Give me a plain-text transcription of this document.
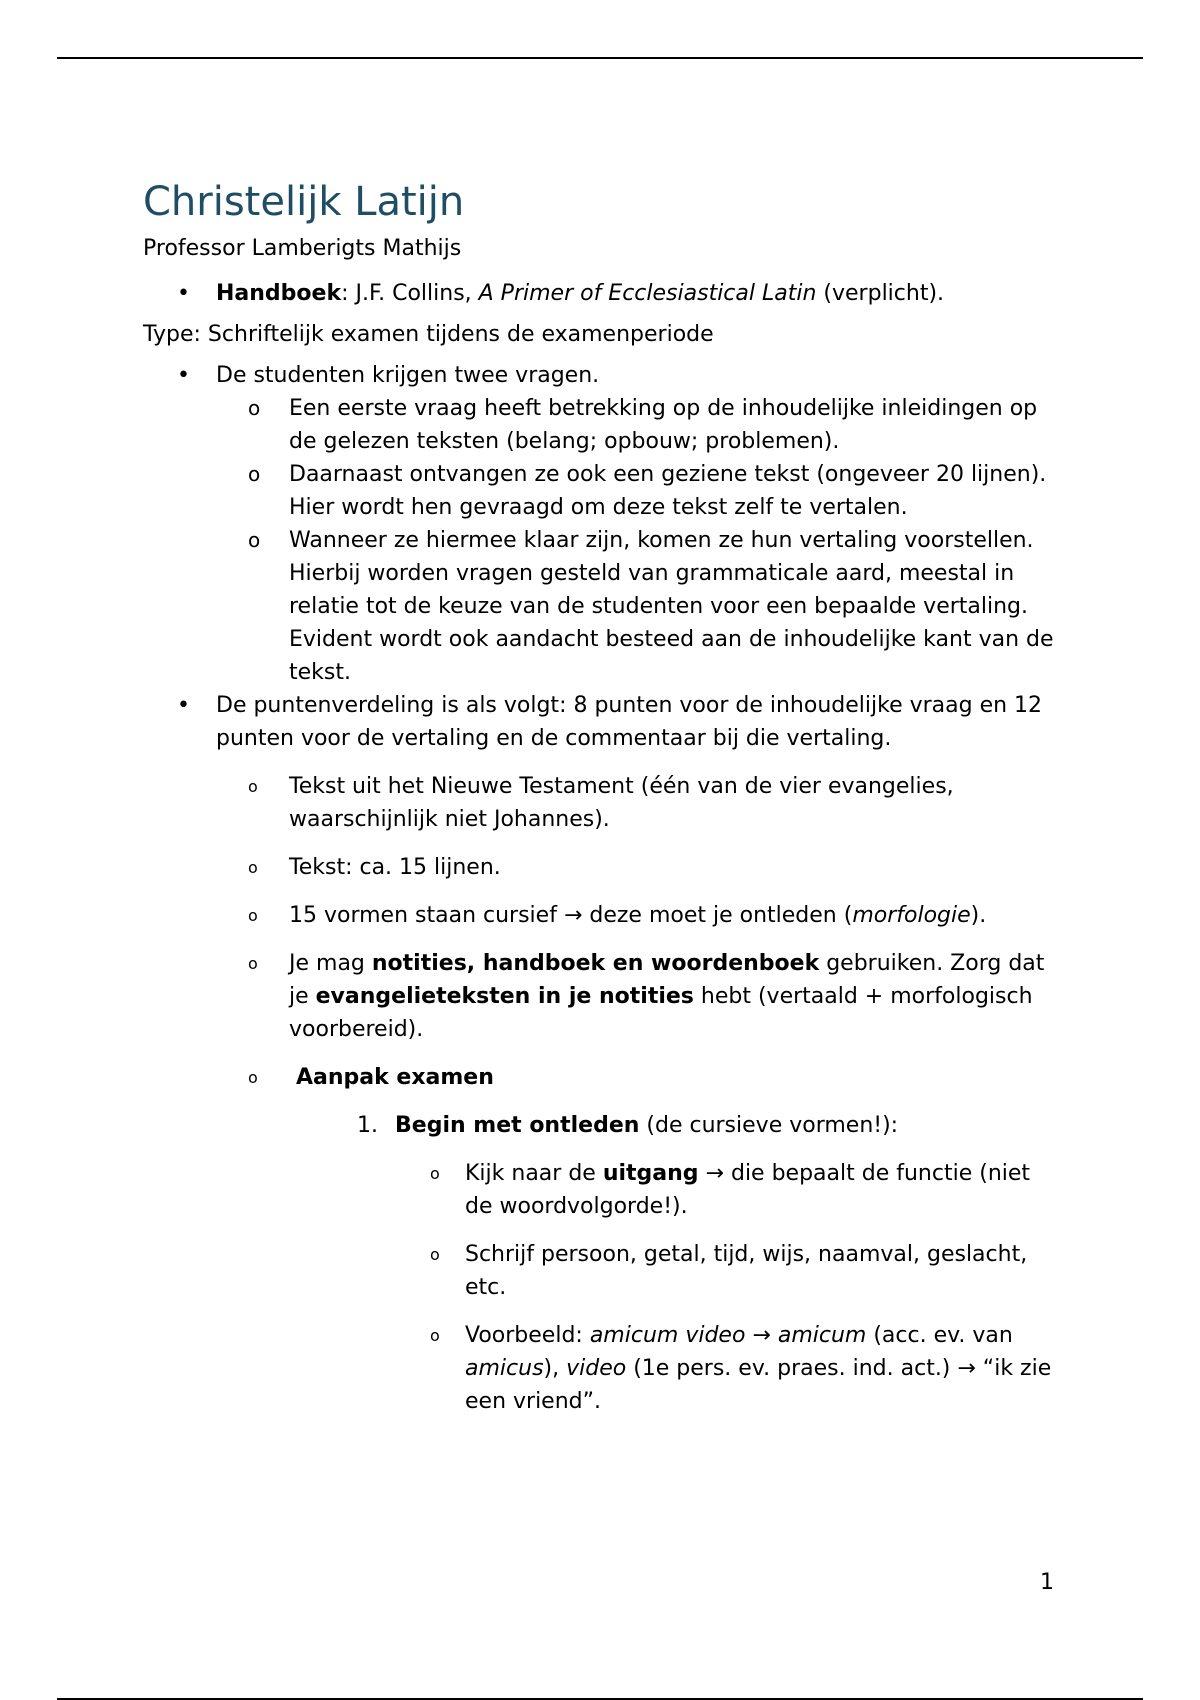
Christelijk Latijn
Professor Lamberigts Mathijs
• Handboek: J.F. Collins, A Primer of Ecclesiastical Latin (verplicht).
Type: Schriftelijk examen tijdens de examenperiode
• De studenten krijgen twee vragen.
o Een eerste vraag heeft betrekking op de inhoudelijke inleidingen op de gelezen teksten (belang; opbouw; problemen).
o Daarnaast ontvangen ze ook een geziene tekst (ongeveer 20 lijnen). Hier wordt hen gevraagd om deze tekst zelf te vertalen.
o Wanneer ze hiermee klaar zijn, komen ze hun vertaling voorstellen. Hierbij worden vragen gesteld van grammaticale aard, meestal in relatie tot de keuze van de studenten voor een bepaalde vertaling. Evident wordt ook aandacht besteed aan de inhoudelijke kant van de tekst.
• De puntenverdeling is als volgt: 8 punten voor de inhoudelijke vraag en 12 punten voor de vertaling en de commentaar bij die vertaling.
o Tekst uit het Nieuwe Testament (één van de vier evangelies, waarschijnlijk niet Johannes).
o Tekst: ca. 15 lijnen.
o 15 vormen staan cursief → deze moet je ontleden (morfologie).
o Je mag notities, handboek en woordenboek gebruiken. Zorg dat je evangelieteksten in je notities hebt (vertaald + morfologisch voorbereid).
o Aanpak examen
1. Begin met ontleden (de cursieve vormen!):
o Kijk naar de uitgang → die bepaalt de functie (niet de woordvolgorde!).
o Schrijf persoon, getal, tijd, wijs, naamval, geslacht, etc.
o Voorbeeld: amicum video → amicum (acc. ev. van amicus), video (1e pers. ev. praes. ind. act.) → “ik zie een vriend”.
1
